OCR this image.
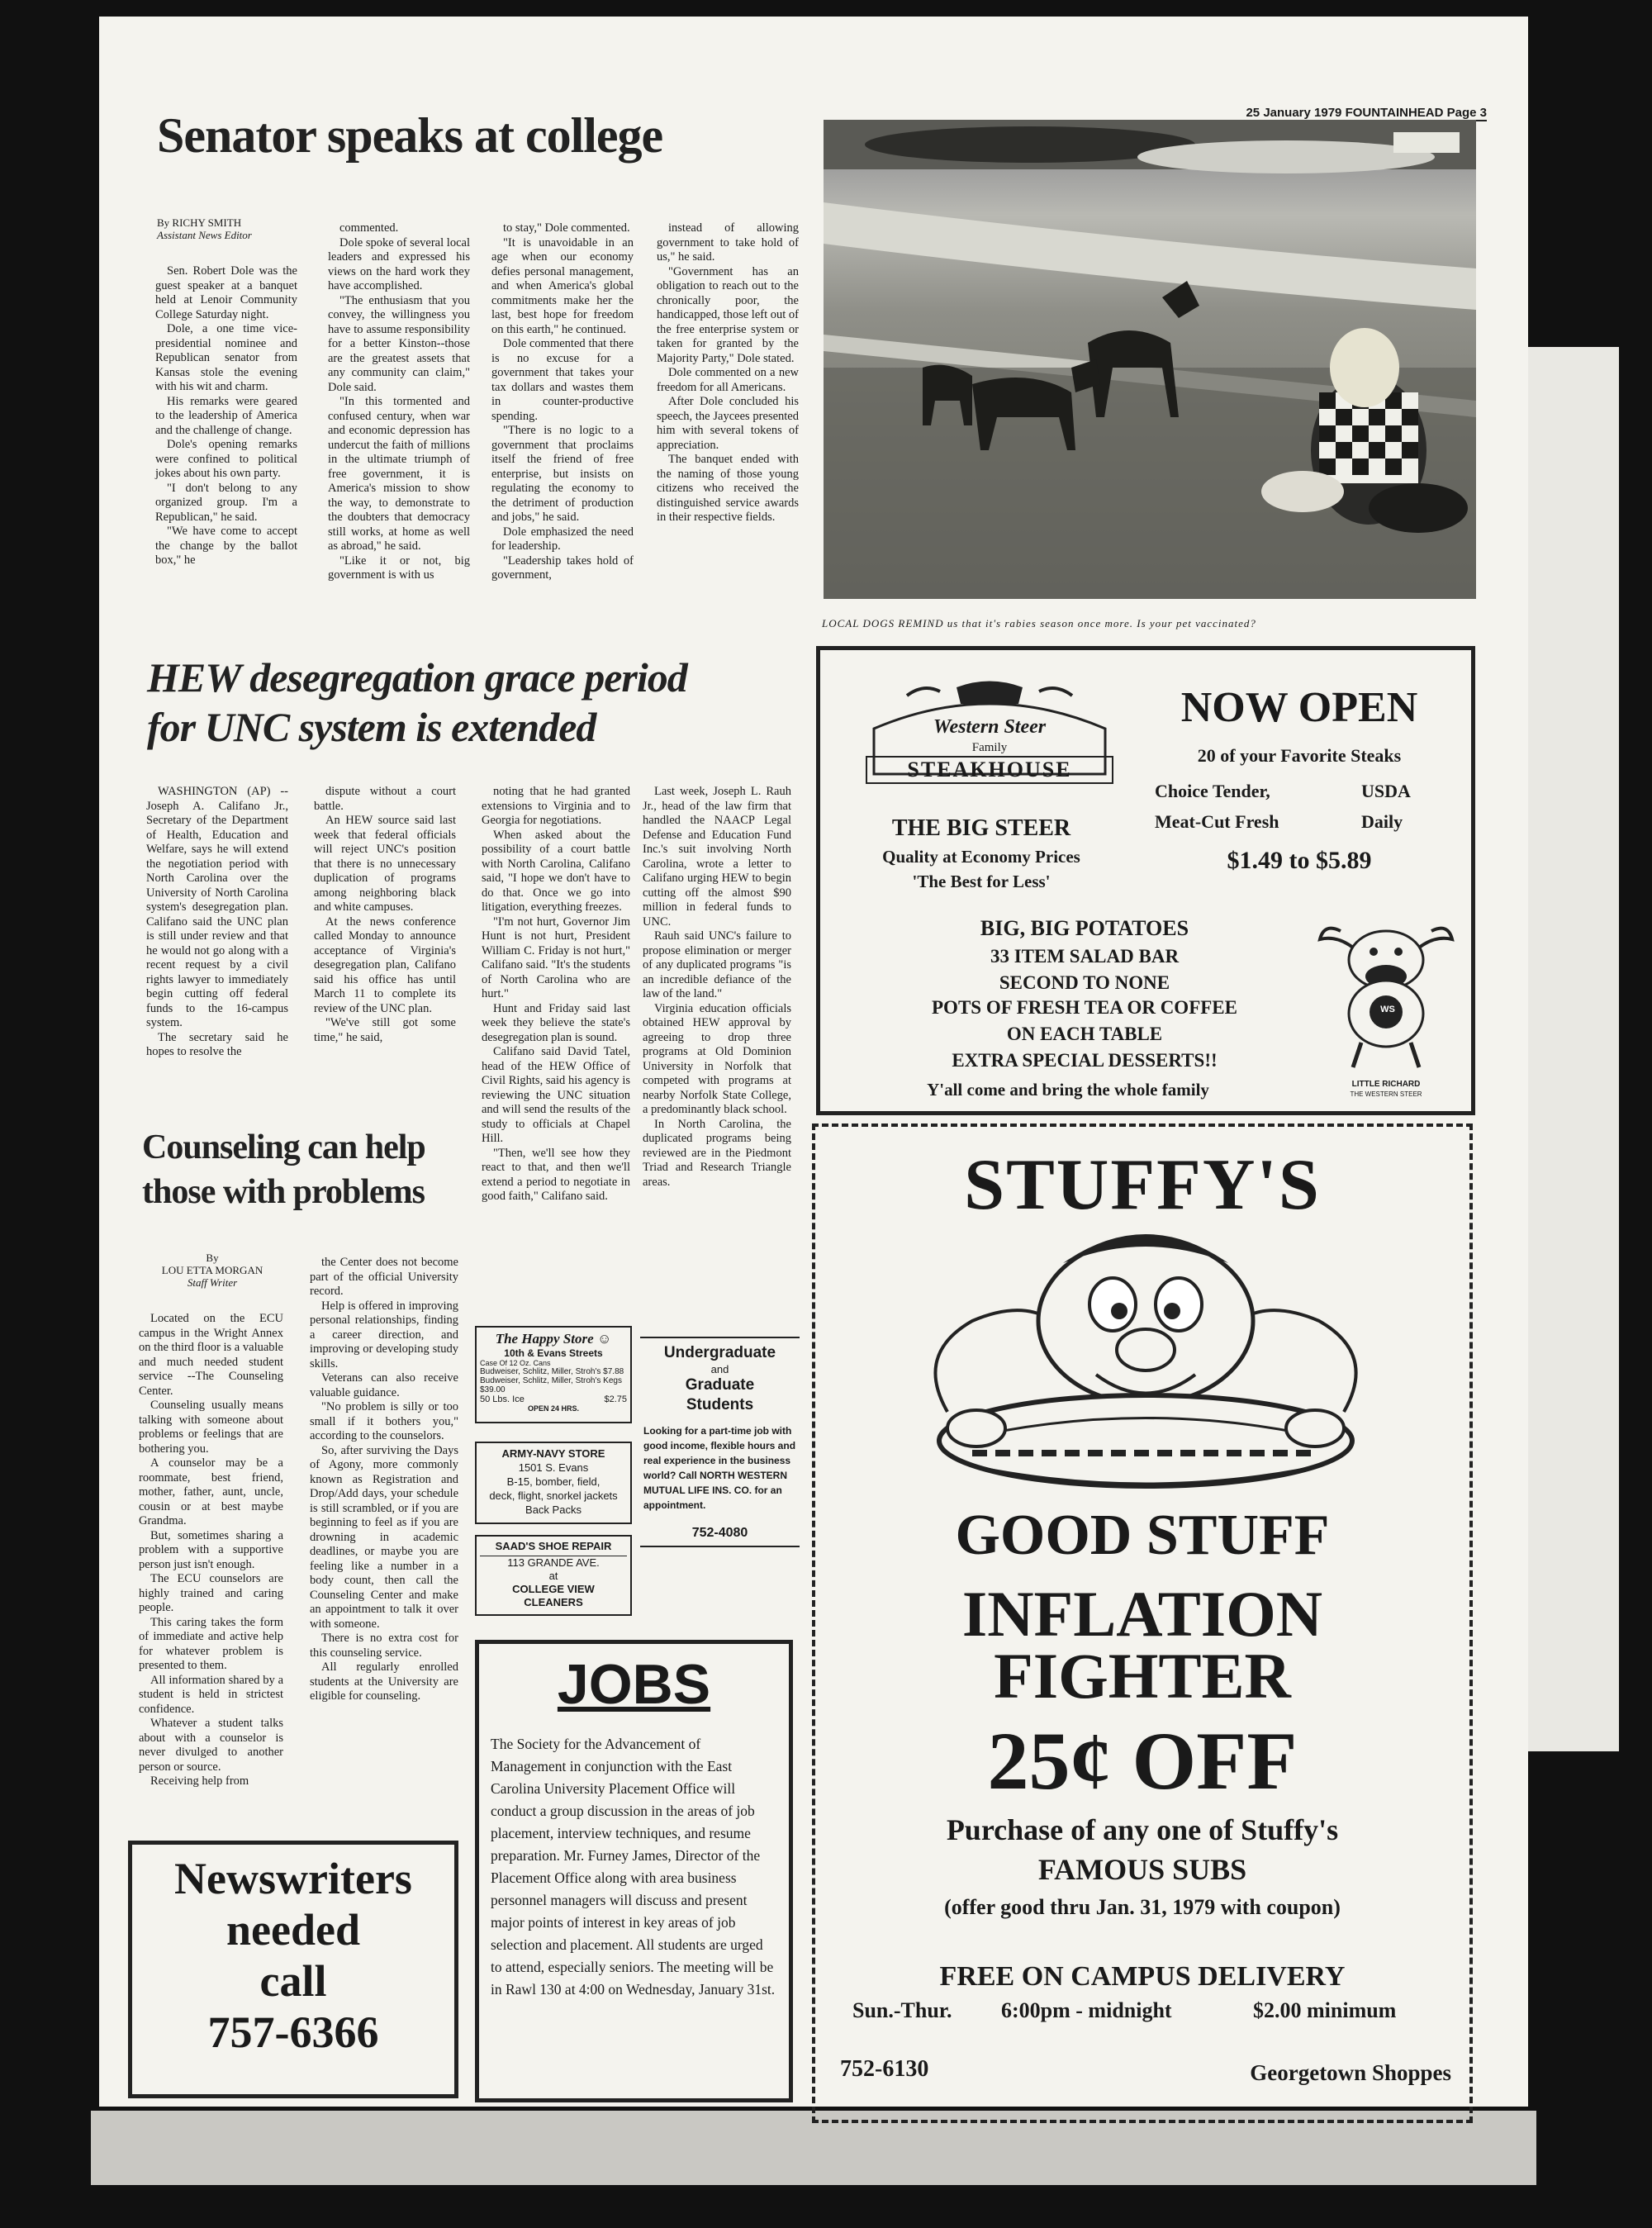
25 January 1979 FOUNTAINHEAD Page 3
Senator speaks at college
By RICHY SMITH
Assistant News Editor

Sen. Robert Dole was the guest speaker at a banquet held at Lenoir Community College Saturday night.

Dole, a one time vice-presidential nominee and Republican senator from Kansas stole the evening with his wit and charm.

His remarks were geared to the leadership of America and the challenge of change.

Dole's opening remarks were confined to political jokes about his own party.

"I don't belong to any organized group. I'm a Republican," he said.

"We have come to accept the change by the ballot box," he

commented.

Dole spoke of several local leaders and expressed his views on the hard work they have accomplished.

"The enthusiasm that you convey, the willingness you have to assume responsibility for a better Kinston--those are the greatest assets that any community can claim," Dole said.

"In this tormented and confused century, when war and economic depression has undercut the faith of millions in the ultimate triumph of free government, it is America's mission to show the way, to demonstrate to the doubters that democracy still works, at home as well as abroad," he said.

"Like it or not, big government is with us

to stay," Dole commented.

"It is unavoidable in an age when our economy defies personal management, and when America's global commitments make her the last, best hope for freedom on this earth," he continued.

Dole commented that there is no excuse for a government that takes your tax dollars and wastes them in counter-productive spending.

"There is no logic to a government that proclaims itself the friend of free enterprise, but insists on regulating the economy to the detriment of production and jobs," he said.

Dole emphasized the need for leadership.

"Leadership takes hold of government,

instead of allowing government to take hold of us," he said.

"Government has an obligation to reach out to the chronically poor, the handicapped, those left out of the free enterprise system or taken for granted by the Majority Party," Dole stated.

Dole commented on a new freedom for all Americans.

After Dole concluded his speech, the Jaycees presented him with several tokens of appreciation.

The banquet ended with the naming of those young citizens who received the distinguished service awards in their respective fields.

LOCAL DOGS REMIND us that it's rabies season once more. Is your pet vaccinated?
HEW desegregation grace period
for UNC system is extended

WASHINGTON (AP) -- Joseph A. Califano Jr., Secretary of the Department of Health, Education and Welfare, says he will extend the negotiation period with North Carolina over the University of North Carolina system's desegregation plan. Califano said the UNC plan is still under review and that he would not go along with a recent request by a civil rights lawyer to immediately begin cutting off federal funds to the 16-campus system.

The secretary said he hopes to resolve the

dispute without a court battle.

An HEW source said last week that federal officials will reject UNC's position that there is no unnecessary duplication of programs among neighboring black and white campuses.

At the news conference called Monday to announce acceptance of Virginia's desegregation plan, Califano said his office has until March 11 to complete its review of the UNC plan.

"We've still got some time," he said,

noting that he had granted extensions to Virginia and to Georgia for negotiations.

When asked about the possibility of a court battle with North Carolina, Califano said, "I hope we don't have to do that. Once we go into litigation, everything freezes.

"I'm not hurt, Governor Jim Hunt is not hurt, President William C. Friday is not hurt," Califano said. "It's the students of North Carolina who are hurt."

Hunt and Friday said last week they believe the state's desegregation plan is sound.

Califano said David Tatel, head of the HEW Office of Civil Rights, said his agency is reviewing the UNC situation and will send the results of the study to officials at Chapel Hill.

"Then, we'll see how they react to that, and then we'll extend a period to negotiate in good faith," Califano said.

Last week, Joseph L. Rauh Jr., head of the law firm that handled the NAACP Legal Defense and Education Fund Inc.'s suit involving North Carolina, wrote a letter to Califano urging HEW to begin cutting off the almost $90 million in federal funds to UNC.

Rauh said UNC's failure to propose elimination or merger of any duplicated programs "is an incredible defiance of the law of the land."

Virginia education officials obtained HEW approval by agreeing to drop three programs at Old Dominion University in Norfolk that competed with programs at nearby Norfolk State College, a predominantly black school.

In North Carolina, the duplicated programs being reviewed are in the Piedmont Triad and Research Triangle areas.

Counseling can help
those with problems
By
LOU ETTA MORGAN
Staff Writer

Located on the ECU campus in the Wright Annex on the third floor is a valuable and much needed student service --The Counseling Center.

Counseling usually means talking with someone about problems or feelings that are bothering you.

A counselor may be a roommate, best friend, mother, father, aunt, uncle, cousin or at best maybe Grandma.

But, sometimes sharing a problem with a supportive person just isn't enough.

The ECU counselors are highly trained and caring people.

This caring takes the form of immediate and active help for whatever problem is presented to them.

All information shared by a student is held in strictest confidence.

Whatever a student talks about with a counselor is never divulged to another person or source.

Receiving help from

the Center does not become part of the official University record.

Help is offered in improving personal relationships, finding a career direction, and improving or developing study skills.

Veterans can also receive valuable guidance.

"No problem is silly or too small if it bothers you," according to the counselors.

So, after surviving the Days of Agony, more commonly known as Registration and Drop/Add days, your schedule is still scrambled, or if you are beginning to feel as if you are drowning in academic deadlines, or maybe you are feeling like a number in a body count, then call the Counseling Center and make an appointment to talk it over with someone.

There is no extra cost for this counseling service.

All regularly enrolled students at the University are eligible for counseling.

Newswriters
needed
call
757-6366
The Happy Store ☺
10th & Evans Streets
Case Of 12 Oz. Cans
Budweiser, Schlitz, Miller, Stroh's $7.88
Budweiser, Schlitz, Miller, Stroh's Kegs $39.00
50 Lbs. Ice	$2.75
OPEN 24 HRS.
ARMY-NAVY STORE
1501 S. Evans
B-15, bomber, field,
deck, flight, snorkel jackets
Back Packs
SAAD'S SHOE REPAIR
113 GRANDE AVE.
at
COLLEGE VIEW
CLEANERS
Undergraduate
and
Graduate
Students
Looking for a part-time job with good income, flexible hours and real experience in the business world? Call NORTH WESTERN MUTUAL LIFE INS. CO. for an appointment.
752-4080
JOBS
The Society for the Advancement of Management in conjunction with the East Carolina University Placement Office will conduct a group discussion in the areas of job placement, interview techniques, and resume preparation. Mr. Furney James, Director of the Placement Office along with area business personnel managers will discuss and present major points of interest in key areas of job selection and placement. All students are urged to attend, especially seniors. The meeting will be in Rawl 130 at 4:00 on Wednesday, January 31st.
Western Steer
Family
STEAKHOUSE
NOW OPEN
20 of your Favorite Steaks
Choice Tender,	USDA
Meat-Cut Fresh	Daily
$1.49 to $5.89
THE BIG STEER
Quality at Economy Prices
'The Best for Less'
BIG, BIG POTATOES
33 ITEM SALAD BAR
SECOND TO NONE
POTS OF FRESH TEA OR COFFEE
ON EACH TABLE
EXTRA SPECIAL DESSERTS!!
Y'all come and bring the whole family
WS
LITTLE RICHARD
THE WESTERN STEER
STUFFY'S
GOOD STUFF
INFLATION
FIGHTER
25¢ OFF
Purchase of any one of Stuffy's
FAMOUS SUBS
(offer good thru Jan. 31, 1979 with coupon)
FREE ON CAMPUS DELIVERY
Sun.-Thur. 6:00pm - midnight	$2.00 minimum
752-6130	Georgetown Shoppes
